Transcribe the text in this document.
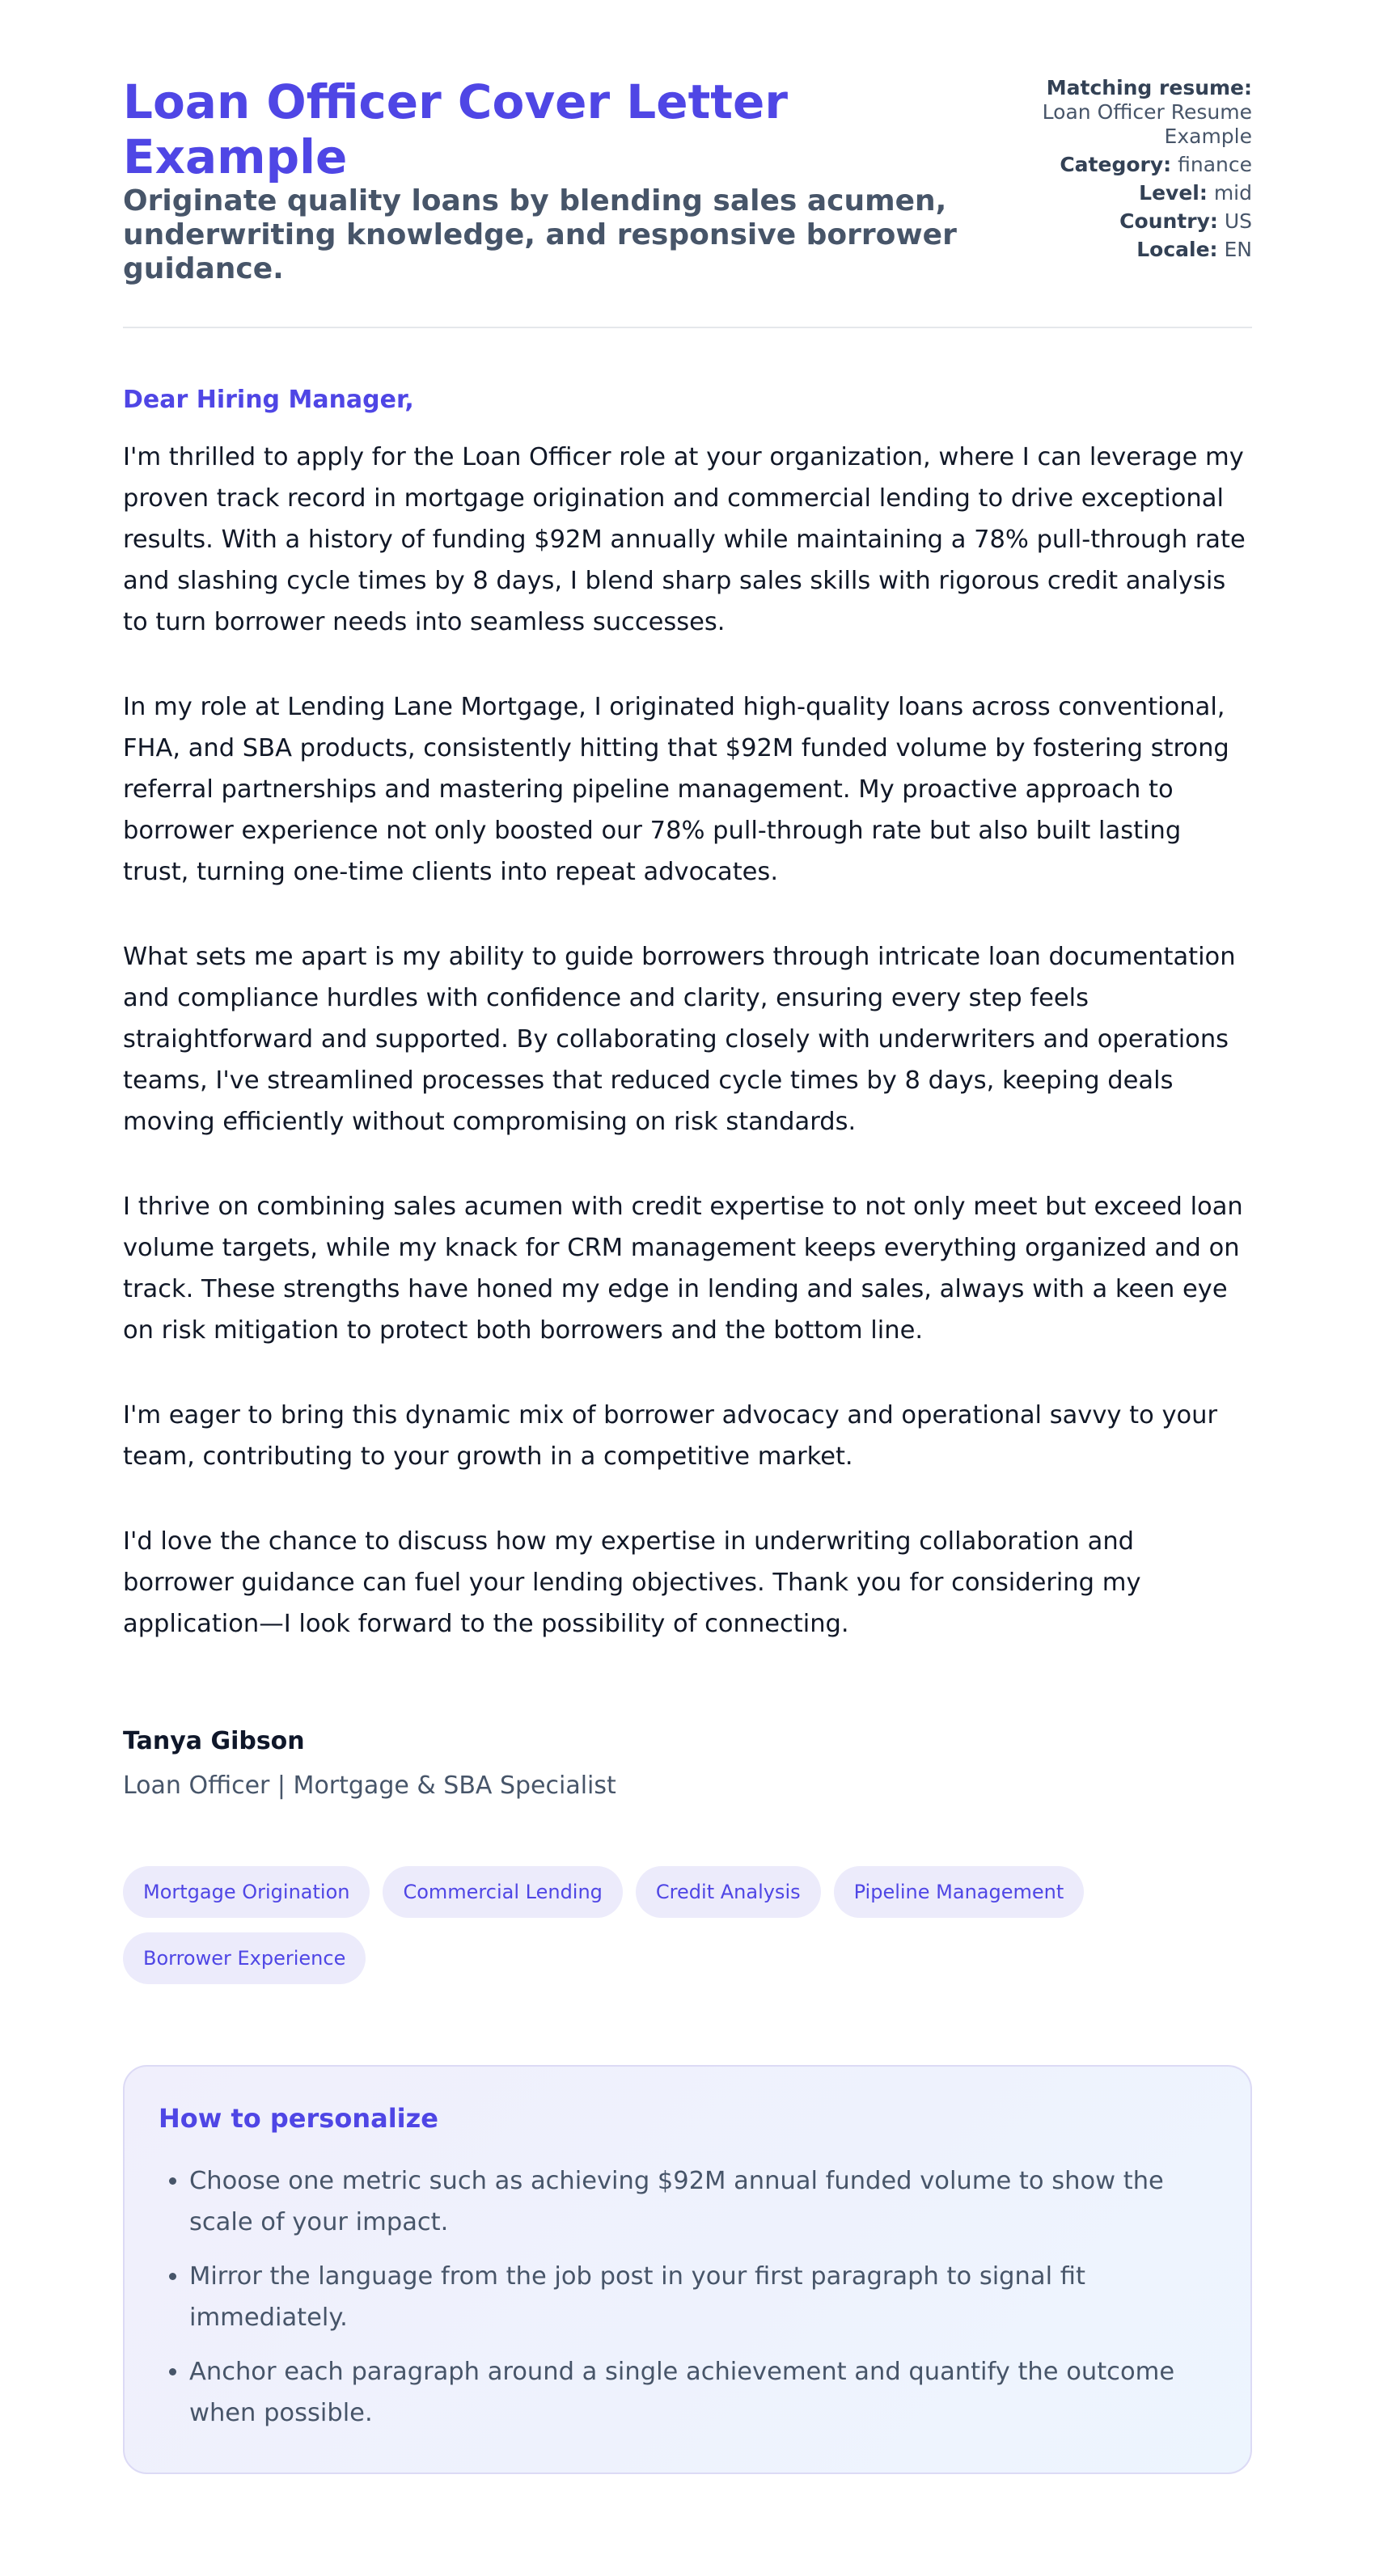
Loan Officer Cover Letter Example
Originate quality loans by blending sales acumen, underwriting knowledge, and responsive borrower guidance.
Matching resume:
Loan Officer Resume Example
Category: finance
Level: mid
Country: US
Locale: EN

Dear Hiring Manager,

I'm thrilled to apply for the Loan Officer role at your organization, where I can leverage my proven track record in mortgage origination and commercial lending to drive exceptional results. With a history of funding $92M annually while maintaining a 78% pull-through rate and slashing cycle times by 8 days, I blend sharp sales skills with rigorous credit analysis to turn borrower needs into seamless successes.

In my role at Lending Lane Mortgage, I originated high-quality loans across conventional, FHA, and SBA products, consistently hitting that $92M funded volume by fostering strong referral partnerships and mastering pipeline management. My proactive approach to borrower experience not only boosted our 78% pull-through rate but also built lasting trust, turning one-time clients into repeat advocates.

What sets me apart is my ability to guide borrowers through intricate loan documentation and compliance hurdles with confidence and clarity, ensuring every step feels straightforward and supported. By collaborating closely with underwriters and operations teams, I've streamlined processes that reduced cycle times by 8 days, keeping deals moving efficiently without compromising on risk standards.

I thrive on combining sales acumen with credit expertise to not only meet but exceed loan volume targets, while my knack for CRM management keeps everything organized and on track. These strengths have honed my edge in lending and sales, always with a keen eye on risk mitigation to protect both borrowers and the bottom line.

I'm eager to bring this dynamic mix of borrower advocacy and operational savvy to your team, contributing to your growth in a competitive market.

I'd love the chance to discuss how my expertise in underwriting collaboration and borrower guidance can fuel your lending objectives. Thank you for considering my application—I look forward to the possibility of connecting.

Tanya Gibson
Loan Officer | Mortgage & SBA Specialist
Mortgage Origination	Commercial Lending	Credit Analysis	Pipeline Management
Borrower Experience
How to personalize
• Choose one metric such as achieving $92M annual funded volume to show the scale of your impact.
• Mirror the language from the job post in your first paragraph to signal fit immediately.
• Anchor each paragraph around a single achievement and quantify the outcome when possible.
